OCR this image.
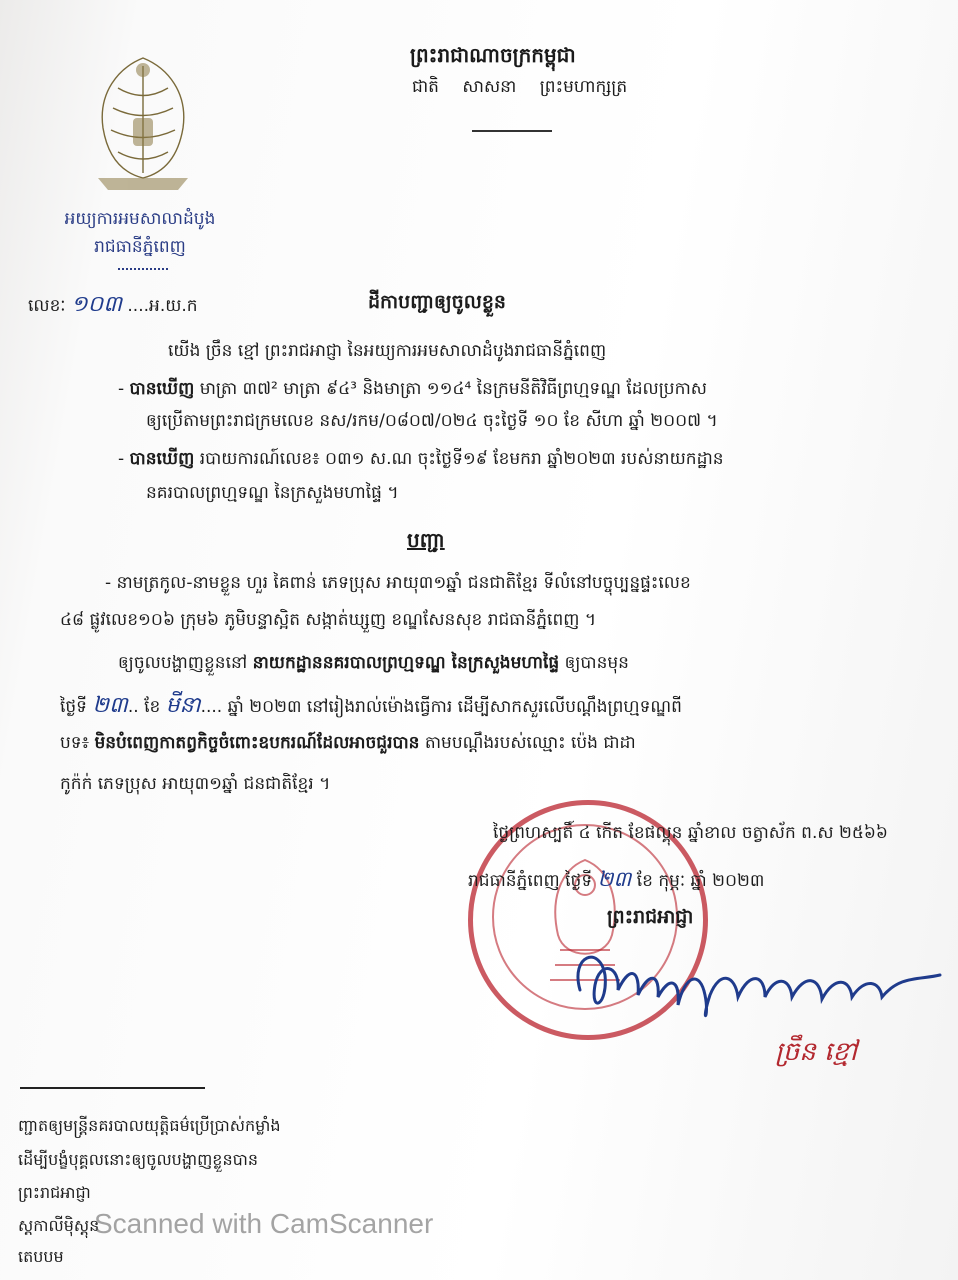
អយ្យការអមសាលាដំបូង
រាជធានីភ្នំពេញ
ព្រះរាជាណាចក្រកម្ពុជា
ជាតិ សាសនា ព្រះមហាក្សត្រ
លេខៈ ១០៣ ....អ.យ.ក	ដីកាបញ្ជាឲ្យចូលខ្លួន
យើង ច្រឹន ខ្មៅ ព្រះរាជអាជ្ញា នៃអយ្យការអមសាលាដំបូងរាជធានីភ្នំពេញ
- បានឃើញ មាត្រា ៣៧² មាត្រា ៩៤³ និងមាត្រា ១១៤⁴ នៃក្រមនីតិវិធីព្រហ្មទណ្ឌ ដែលប្រកាស
ឲ្យប្រើតាមព្រះរាជក្រមលេខ នស/រកម/០៨០៧/០២៤ ចុះថ្ងៃទី ១០ ខែ សីហា ឆ្នាំ ២០០៧ ។
- បានឃើញ របាយការណ៍លេខ៖ ០៣១ ស.ណ ចុះថ្ងៃទី១៩ ខែមករា ឆ្នាំ២០២៣ របស់នាយកដ្ឋាន
នគរបាលព្រហ្មទណ្ឌ នៃក្រសួងមហាផ្ទៃ ។
បញ្ជា
- នាមត្រកូល-នាមខ្លួន ហួរ គៃពាន់ ភេទប្រុស អាយុ៣១ឆ្នាំ ជនជាតិខ្មែរ ទីលំនៅបច្ចុប្បន្នផ្ទះលេខ
៤៨ ផ្លូវលេខ១០៦ ក្រុម៦ ភូមិបន្ទាស្អិត សង្កាត់ឃ្សួញ ខណ្ឌសែនសុខ រាជធានីភ្នំពេញ ។
ឲ្យចូលបង្ហាញខ្លួននៅ នាយកដ្ឋាននគរបាលព្រហ្មទណ្ឌ នៃក្រសួងមហាផ្ទៃ ឲ្យបានមុន
ថ្ងៃទី ២៣.. ខែ មីនា.... ឆ្នាំ ២០២៣ នៅរៀងរាល់ម៉ោងធ្វើការ ដើម្បីសាកសួរលើបណ្ដឹងព្រហ្មទណ្ឌពី
បទ៖ មិនបំពេញកាតព្វកិច្ចចំពោះឧបករណ៍ដែលអាចជួរបាន តាមបណ្ដឹងរបស់ឈ្មោះ ប៉េង ជាដា
កូក៉ក់ ភេទប្រុស អាយុ៣១ឆ្នាំ ជនជាតិខ្មែរ ។
ថ្ងៃព្រហស្បតិ៍ ៤ កើត ខែផល្គុន ឆ្នាំខាល ចត្វាស័ក ព.ស ២៥៦៦
រាជធានីភ្នំពេញ ថ្ងៃទី ២៣ ខែ កុម្ភៈ ឆ្នាំ ២០២៣
ព្រះរាជអាជ្ញា
ច្រឹន ខ្មៅ
ញ្ជាតឲ្យមន្ត្រីនគរបាលយុត្តិធម៌ប្រើប្រាស់កម្លាំង
ដើម្បីបង្ខំបុគ្គលនោះឲ្យចូលបង្ហាញខ្លួនបាន
ព្រះរាជអាជ្ញា
ស្តកាលីម៉ិស្តុន
តេបបម
Scanned with CamScanner
